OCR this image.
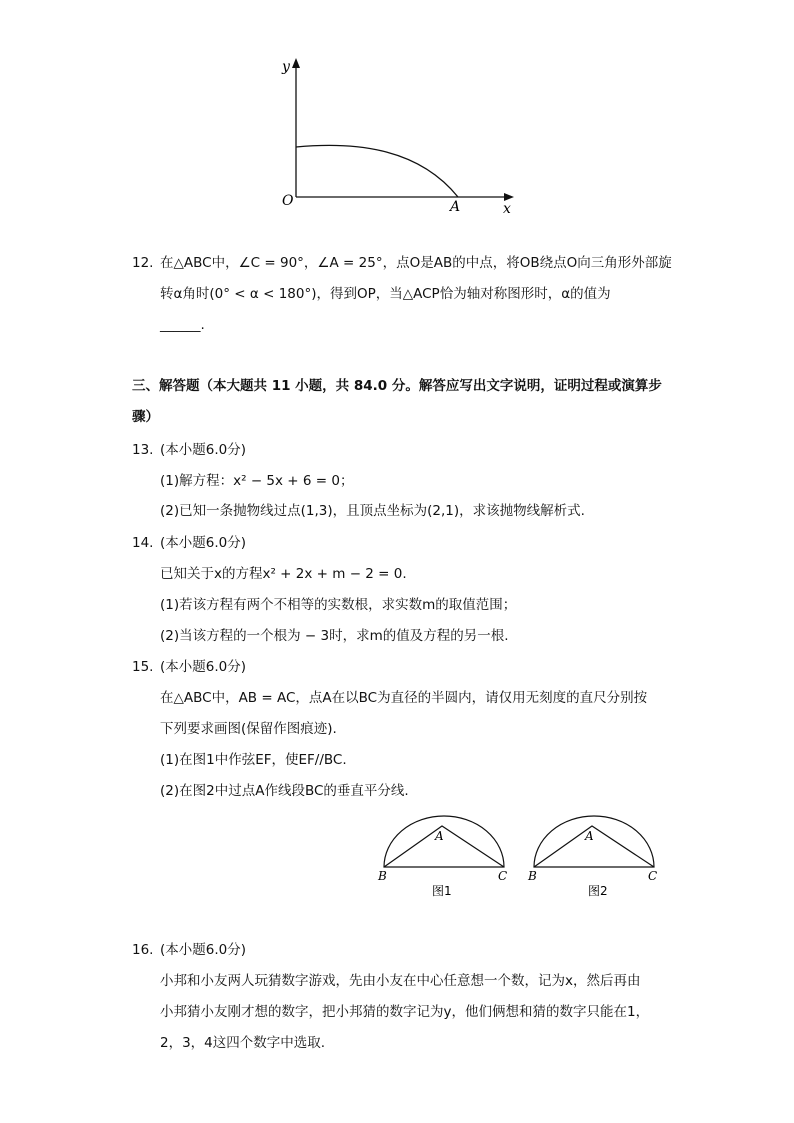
y
x
O	A
12. 在△ABC中，∠C = 90°，∠A = 25°，点O是AB的中点，将OB绕点O向三角形外部旋
转α角时(0° < α < 180°)，得到OP，当△ACP恰为轴对称图形时，α的值为
______.
三、解答题（本大题共 11 小题，共 84.0 分。解答应写出文字说明，证明过程或演算步
骤）
13. (本小题6.0分)
(1)解方程：x² − 5x + 6 = 0；
(2)已知一条抛物线过点(1,3)，且顶点坐标为(2,1)，求该抛物线解析式.
14. (本小题6.0分)
已知关于x的方程x² + 2x + m − 2 = 0.
(1)若该方程有两个不相等的实数根，求实数m的取值范围；
(2)当该方程的一个根为 − 3时，求m的值及方程的另一根.
15. (本小题6.0分)
在△ABC中，AB = AC，点A在以BC为直径的半圆内，请仅用无刻度的直尺分别按
下列要求画图(保留作图痕迹).
(1)在图1中作弦EF，使EF//BC.
(2)在图2中过点A作线段BC的垂直平分线.
A
B	C
图1
A
B	C
图2
16. (本小题6.0分)
小邦和小友两人玩猜数字游戏，先由小友在中心任意想一个数，记为x，然后再由
小邦猜小友刚才想的数字，把小邦猜的数字记为y，他们俩想和猜的数字只能在1，
2，3，4这四个数字中选取.
